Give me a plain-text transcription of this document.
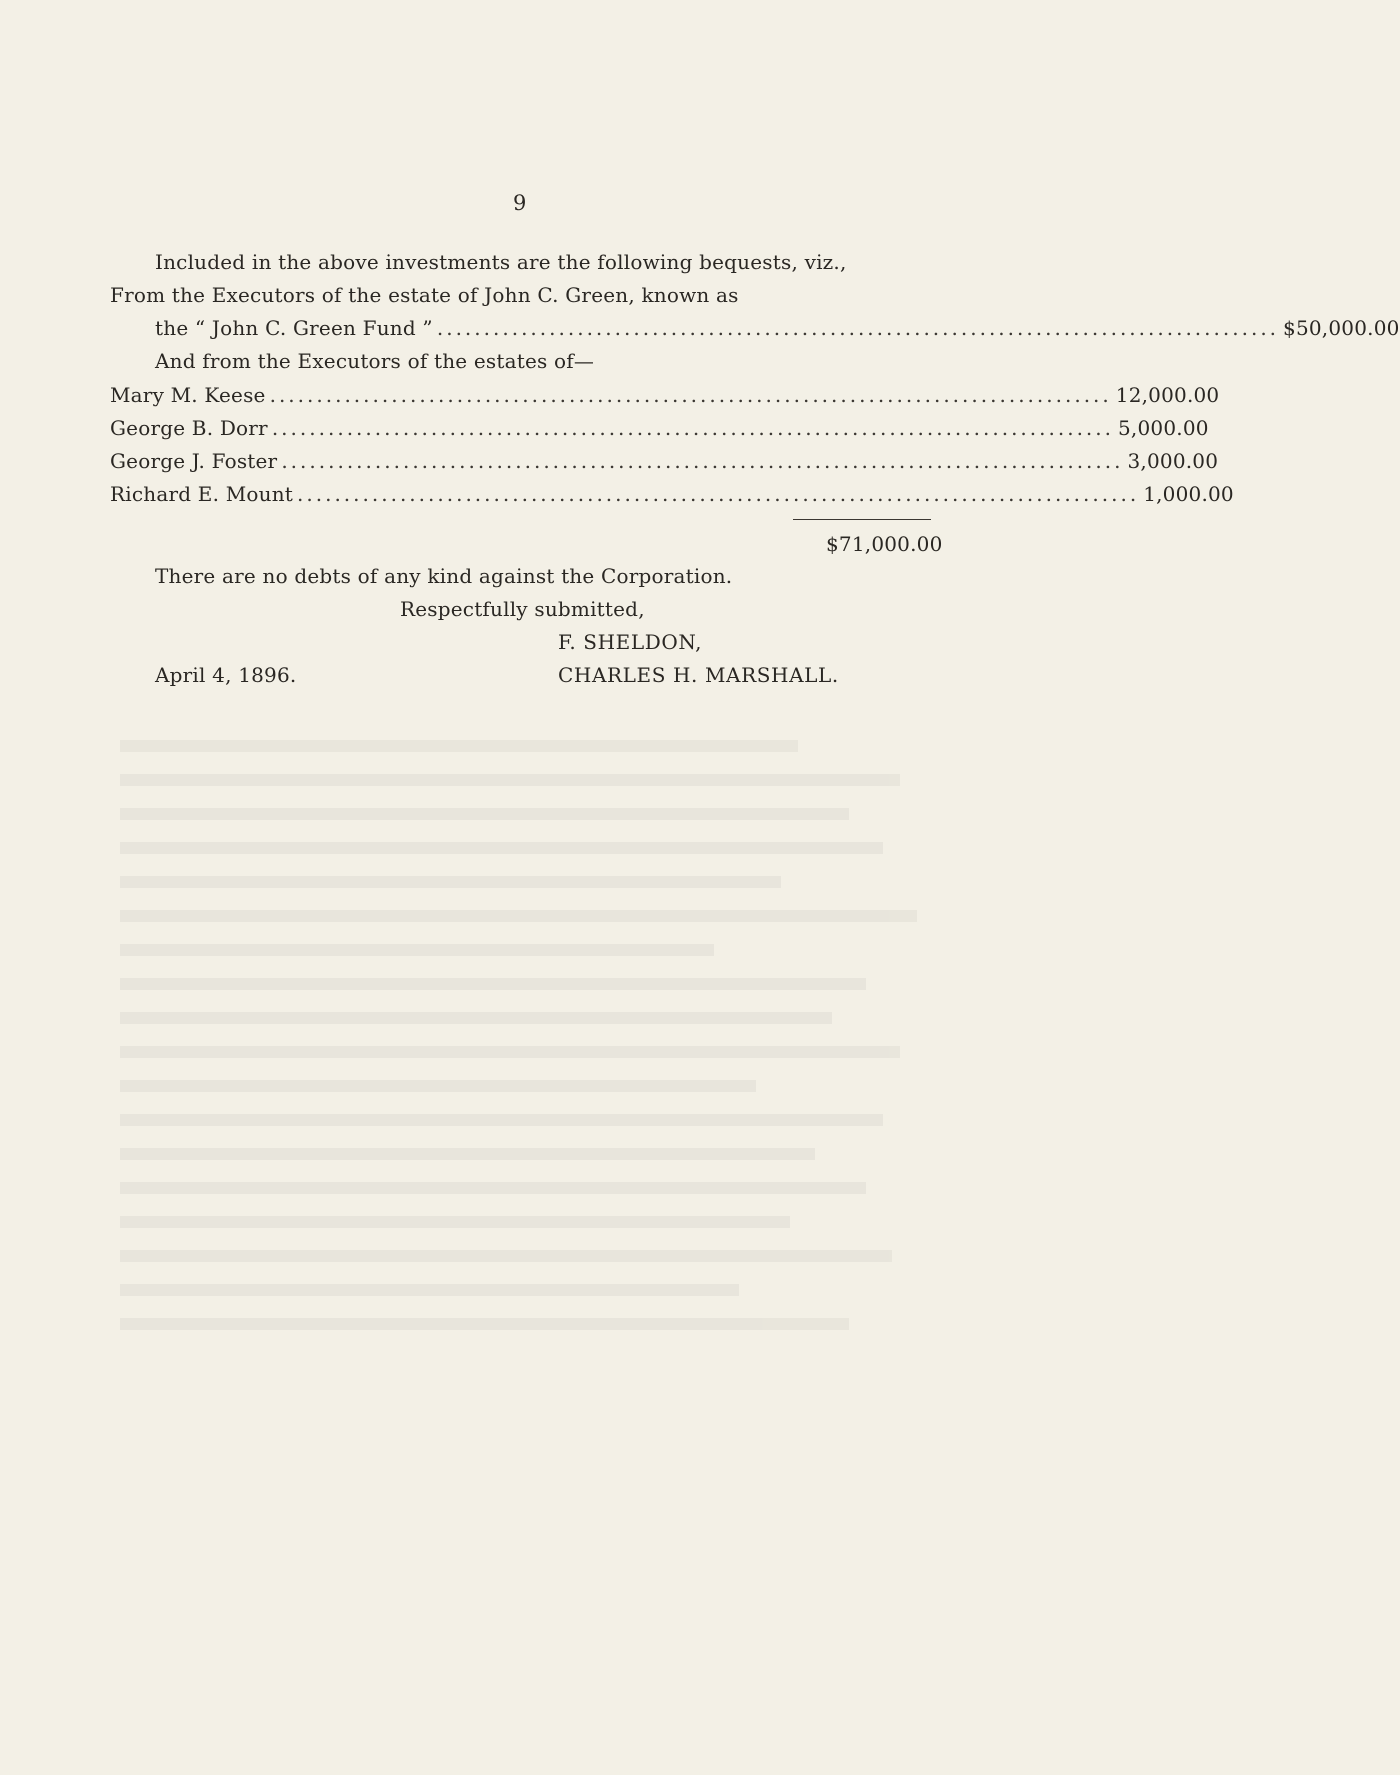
9
Included in the above investments are the following bequests, viz.,
From the Executors of the estate of John C. Green, known as
the “ John C. Green Fund ” .......................................................................................... $50,000.00
And from the Executors of the estates of—
Mary M. Keese .......................................................................................... 12,000.00
George B. Dorr .......................................................................................... 5,000.00
George J. Foster .......................................................................................... 3,000.00
Richard E. Mount .......................................................................................... 1,000.00
$71,000.00
There are no debts of any kind against the Corporation.
Respectfully submitted,
F. SHELDON,
April 4, 1896.	CHARLES H. MARSHALL.
